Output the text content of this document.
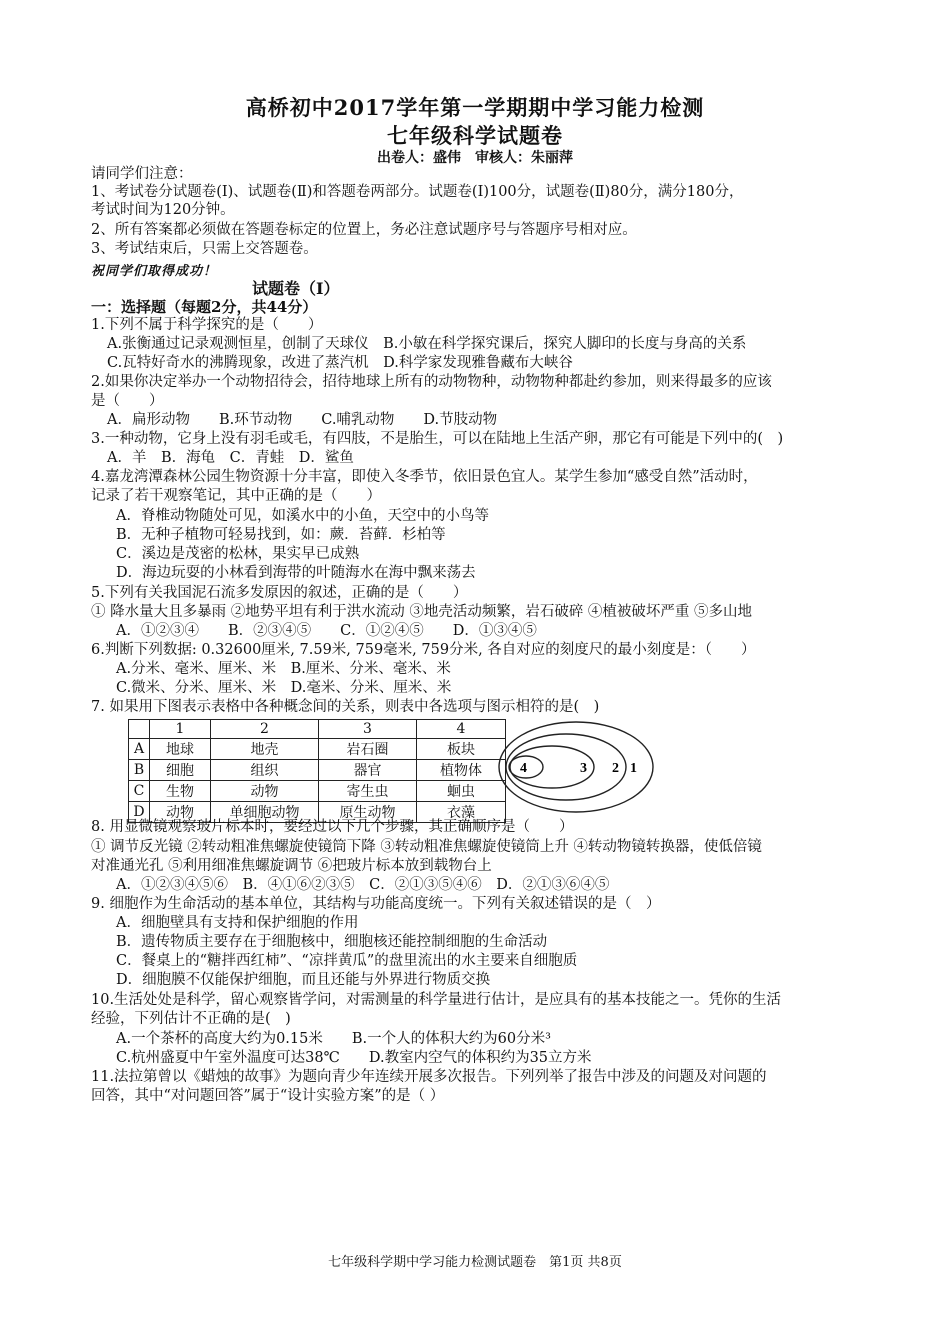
高桥初中2017学年第一学期期中学习能力检测
七年级科学试题卷
出卷人：盛伟　审核人：朱丽萍
请同学们注意：
1、考试卷分试题卷(Ⅰ)、试题卷(Ⅱ)和答题卷两部分。试题卷(Ⅰ)100分，试题卷(Ⅱ)80分，满分180分，
考试时间为120分钟。
2、所有答案都必须做在答题卷标定的位置上，务必注意试题序号与答题序号相对应。
3、考试结束后，只需上交答题卷。
祝同学们取得成功！
试题卷（Ⅰ）
一：选择题（每题2分，共44分）
1.下列不属于科学探究的是（　　）
A.张衡通过记录观测恒星，创制了天球仪　B.小敏在科学探究课后，探究人脚印的长度与身高的关系
C.瓦特好奇水的沸腾现象，改进了蒸汽机　D.科学家发现雅鲁藏布大峡谷
2.如果你决定举办一个动物招待会，招待地球上所有的动物物种，动物物种都赴约参加，则来得最多的应该
是（　　）
A．扁形动物　　B.环节动物　　C.哺乳动物　　D.节肢动物
3.一种动物，它身上没有羽毛或毛，有四肢，不是胎生，可以在陆地上生活产卵，那它有可能是下列中的(　)
A．羊　B．海龟　C．青蛙　D．鲨鱼
4.嘉龙湾潭森林公园生物资源十分丰富，即使入冬季节，依旧景色宜人。某学生参加“感受自然”活动时，
记录了若干观察笔记，其中正确的是（　　）
A．脊椎动物随处可见，如溪水中的小鱼，天空中的小鸟等
B．无种子植物可轻易找到，如：蕨．苔藓．杉柏等
C．溪边是茂密的松林，果实早已成熟
D．海边玩耍的小林看到海带的叶随海水在海中飘来荡去
5.下列有关我国泥石流多发原因的叙述，正确的是（　　）
① 降水量大且多暴雨 ②地势平坦有利于洪水流动 ③地壳活动频繁，岩石破碎 ④植被破坏严重 ⑤多山地
A．①②③④　　B．②③④⑤　　C．①②④⑤　　D．①③④⑤
6.判断下列数据: 0.32600厘米, 7.59米, 759毫米, 759分米, 各自对应的刻度尺的最小刻度是：（　　）
A.分米、毫米、厘米、米　B.厘米、分米、毫米、米
C.微米、分米、厘米、米　D.毫米、分米、厘米、米
7. 如果用下图表示表格中各种概念间的关系，则表中各选项与图示相符的是(　)
	1	2	3	4
A	地球	地壳	岩石圈	板块
B	细胞	组织	器官	植物体
C	生物	动物	寄生虫	蛔虫
D	动物	单细胞动物	原生动物	衣藻
4	3 2 1
8. 用显微镜观察玻片标本时，要经过以下几个步骤，其正确顺序是（　　）
① 调节反光镜 ②转动粗准焦螺旋使镜筒下降 ③转动粗准焦螺旋使镜筒上升 ④转动物镜转换器，使低倍镜
对准通光孔 ⑤利用细准焦螺旋调节 ⑥把玻片标本放到载物台上
A．①②③④⑤⑥　B．④①⑥②③⑤　C．②①③⑤④⑥　D．②①③⑥④⑤
9. 细胞作为生命活动的基本单位，其结构与功能高度统一。下列有关叙述错误的是（　）
A．细胞壁具有支持和保护细胞的作用
B．遗传物质主要存在于细胞核中，细胞核还能控制细胞的生命活动
C．餐桌上的“糖拌西红柿”、“凉拌黄瓜”的盘里流出的水主要来自细胞质
D．细胞膜不仅能保护细胞，而且还能与外界进行物质交换
10.生活处处是科学，留心观察皆学问，对需测量的科学量进行估计，是应具有的基本技能之一。凭你的生活
经验，下列估计不正确的是(　)
A.一个茶杯的高度大约为0.15米　　B.一个人的体积大约为60分米³
C.杭州盛夏中午室外温度可达38℃　　D.教室内空气的体积约为35立方米
11.法拉第曾以《蜡烛的故事》为题向青少年连续开展多次报告。下列列举了报告中涉及的问题及对问题的
回答，其中“对问题回答”属于“设计实验方案”的是（ ）
七年级科学期中学习能力检测试题卷　第1页 共8页
